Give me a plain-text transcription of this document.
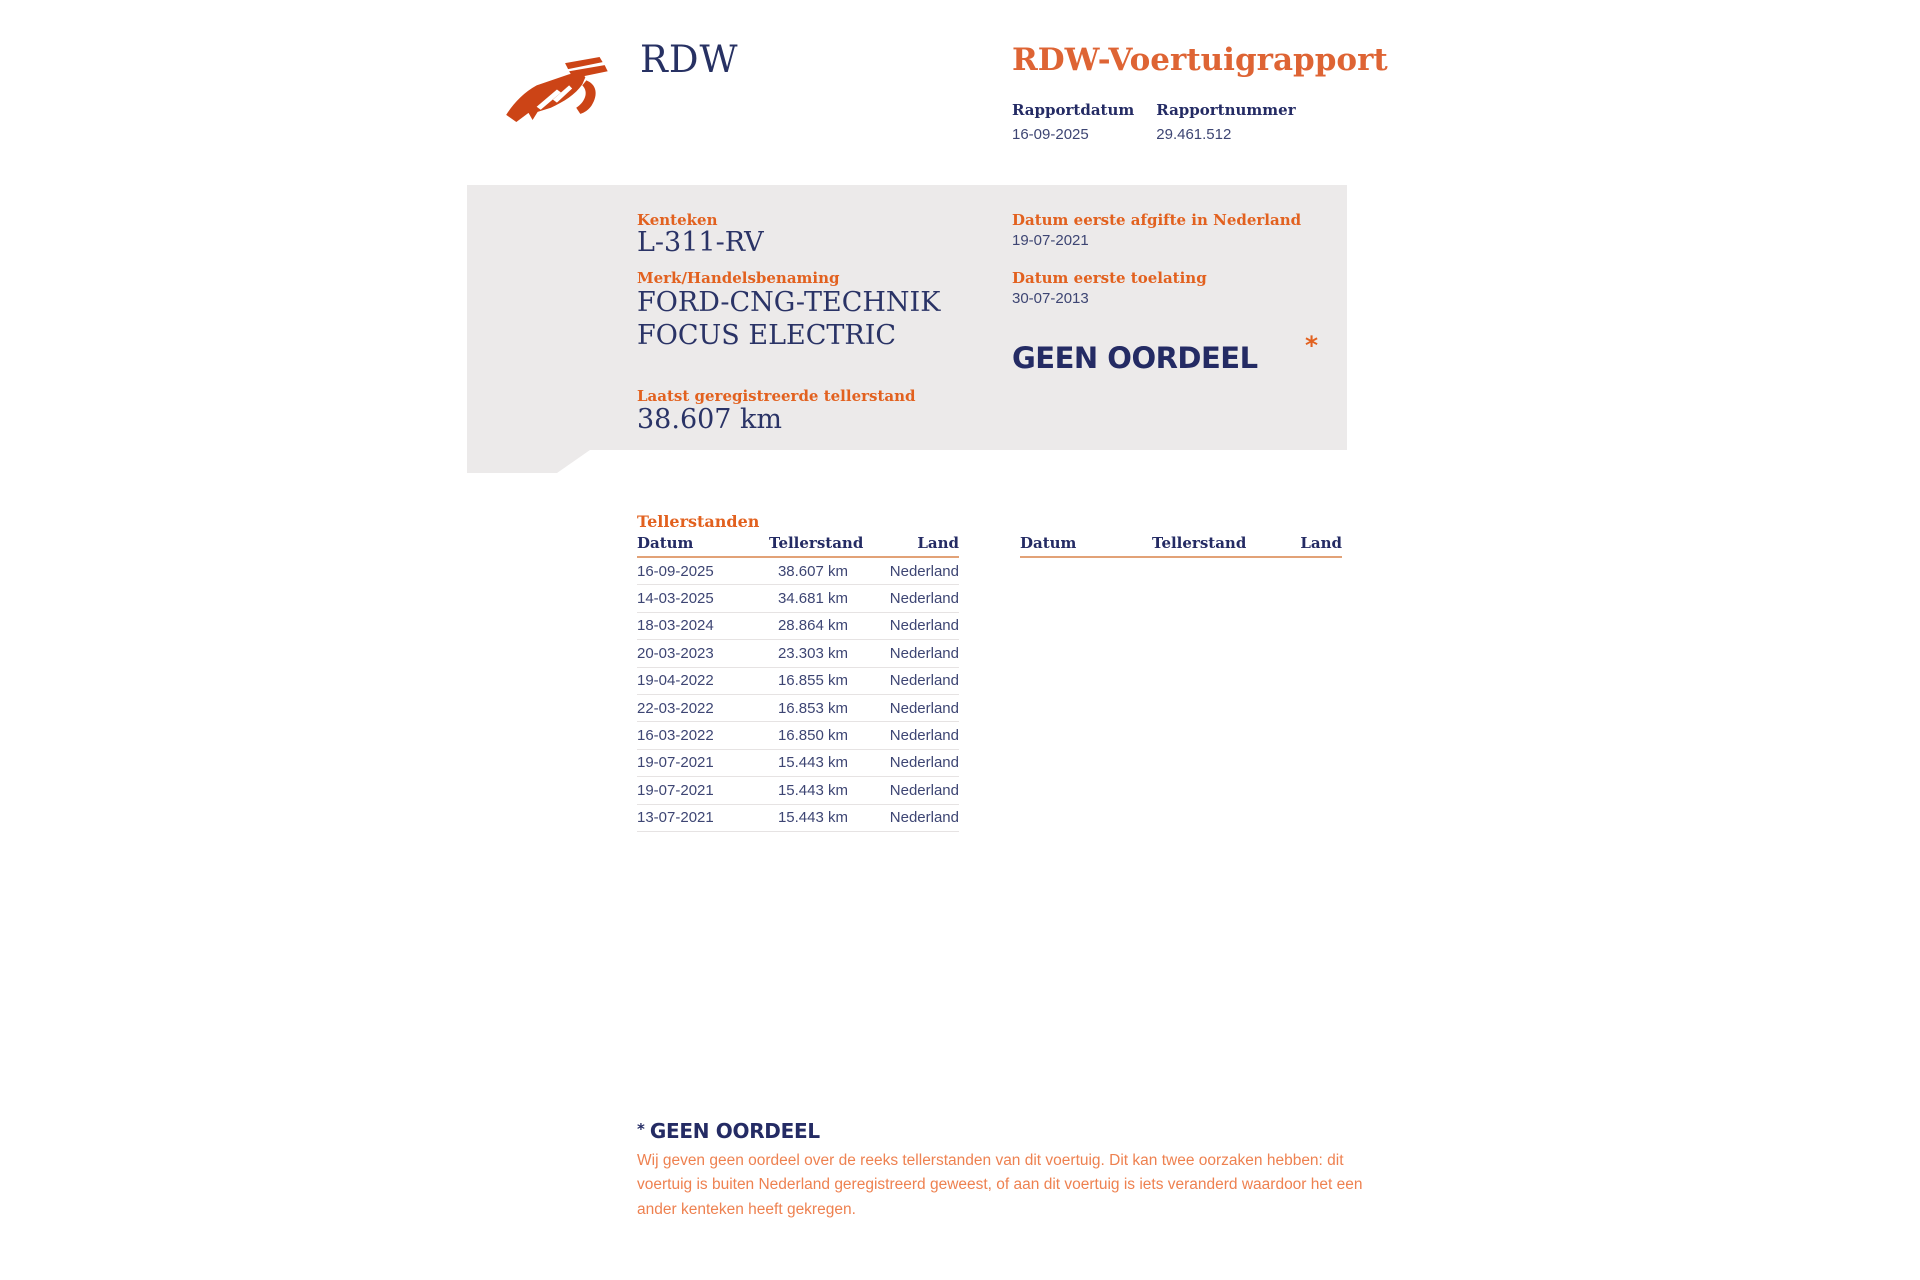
RDW	RDW-Voertuigrapport
Rapportdatum
16-09-2025
Rapportnummer
29.461.512
Kenteken
L-311-RV
Merk/Handelsbenaming
FORD-CNG-TECHNIK
FOCUS ELECTRIC
Laatst geregistreerde tellerstand
38.607 km
Datum eerste afgifte in Nederland
19-07-2021
Datum eerste toelating
30-07-2013
GEEN OORDEEL *
Tellerstanden
Datum	Tellerstand	Land
16-09-2025	38.607 km	Nederland
14-03-2025	34.681 km	Nederland
18-03-2024	28.864 km	Nederland
20-03-2023	23.303 km	Nederland
19-04-2022	16.855 km	Nederland
22-03-2022	16.853 km	Nederland
16-03-2022	16.850 km	Nederland
19-07-2021	15.443 km	Nederland
19-07-2021	15.443 km	Nederland
13-07-2021	15.443 km	Nederland
Datum	Tellerstand	Land
* GEEN OORDEEL

Wij geven geen oordeel over de reeks tellerstanden van dit voertuig. Dit kan twee oorzaken hebben: dit voertuig is buiten Nederland geregistreerd geweest, of aan dit voertuig is iets veranderd waardoor het een ander kenteken heeft gekregen.
